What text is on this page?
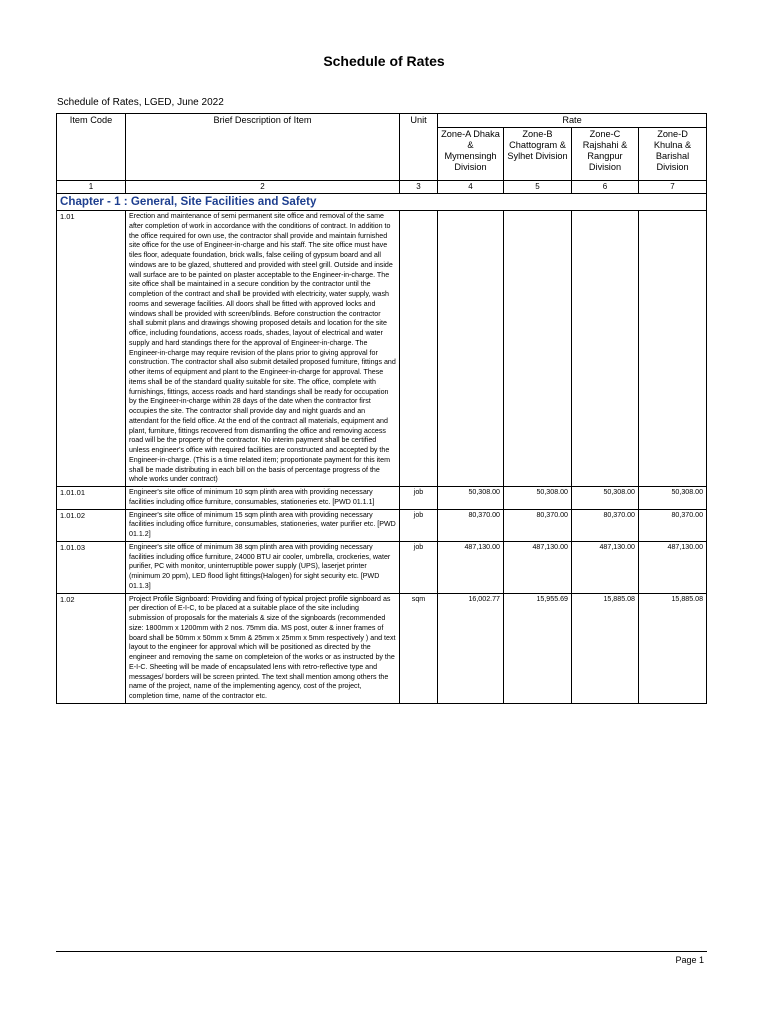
Schedule of Rates
Schedule of Rates, LGED, June 2022
Item Code	Brief Description of Item	Unit	Rate			
			Zone-A Dhaka & Mymensingh Division	Zone-B Chattogram & Sylhet Division	Zone-C Rajshahi & Rangpur Division	Zone-D Khulna & Barishal Division
1	2	3	4	5	6	7
Chapter - 1 : General, Site Facilities and Safety						
1.01	Erection and maintenance of semi permanent site office and removal of the same after completion of work in accordance with the conditions of contract. In addition to the office required for own use, the contractor shall provide and maintain furnished site office for the use of Engineer-in-charge and his staff. The site office must have tiles floor, adequate foundation, brick walls, false ceiling of gypsum board and all windows are to be glazed, shuttered and provided with steel grill. Outside and inside wall surface are to be painted on plaster acceptable to the Engineer-in-charge. The site office shall be maintained in a secure condition by the contractor until the completion of the contract and shall be provided with electricity, water supply, wash rooms and sewerage facilities. All doors shall be fitted with approved locks and windows shall be provided with screen/blinds. Before construction the contractor shall submit plans and drawings showing proposed details and location for the site office, including foundations, access roads, shades, layout of electrical and water supply and hard standings there for the approval of Engineer-in-charge. The Engineer-in-charge may require revision of the plans prior to giving approval for construction. The contractor shall also submit detailed proposed furniture, fittings and other items of equipment and plant to the Engineer-in-charge for approval. These items shall be of the standard quality suitable for site. The office, complete with furnishings, fittings, access roads and hard standings shall be ready for occupation by the Engineer-in-charge within 28 days of the date when the contractor first occupies the site. The contractor shall provide day and night guards and an attendant for the field office. At the end of the contract all materials, equipment and plant, furniture, fittings recovered from dismantling the office and removing access road will be the property of the contractor. No interim payment shall be certified unless engineer's office with required facilities are constructed and accepted by the Engineer-in-charge. (This is a time related item; proportionate payment for this item shall be made distributing in each bill on the basis of percentage progress of the whole works under contract)					
1.01.01	Engineer's site office of minimum 10 sqm plinth area with providing necessary facilities including office furniture, consumables, stationeries etc. [PWD 01.1.1]	job	50,308.00	50,308.00	50,308.00	50,308.00
1.01.02	Engineer's site office of minimum 15 sqm plinth area with providing necessary facilities including office furniture, consumables, stationeries, water purifier etc. [PWD 01.1.2]	job	80,370.00	80,370.00	80,370.00	80,370.00
1.01.03	Engineer's site office of minimum 38 sqm plinth area with providing necessary facilities including office furniture, 24000 BTU air cooler, umbrella, crockeries, water purifier, PC with monitor, uninterruptible power supply (UPS), laserjet printer (minimum 20 ppm), LED flood light fittings(Halogen) for sight security etc. [PWD 01.1.3]	job	487,130.00	487,130.00	487,130.00	487,130.00
1.02	Project Profile Signboard: Providing and fixing of typical project profile signboard as per direction of E-I-C, to be placed at a suitable place of the site including submission of proposals for the materials & size of the signboards (recommended size: 1800mm x 1200mm with 2 nos. 75mm dia. MS post, outer & inner frames of board shall be 50mm x 50mm x 5mm & 25mm x 25mm x 5mm respectively ) and text layout to the engineer for approval which will be positioned as directed by the engineer and removing the same on completeion of the works or as instructed by the E-I-C. Sheeting will be made of encapsulated lens with retro-reflective type and messages/ borders will be screen printed. The text shall mention among others the name of the project, name of the implementing agency, cost of the project, completion time, name of the contractor etc.	sqm	16,002.77	15,955.69	15,885.08	15,885.08
Page 1
